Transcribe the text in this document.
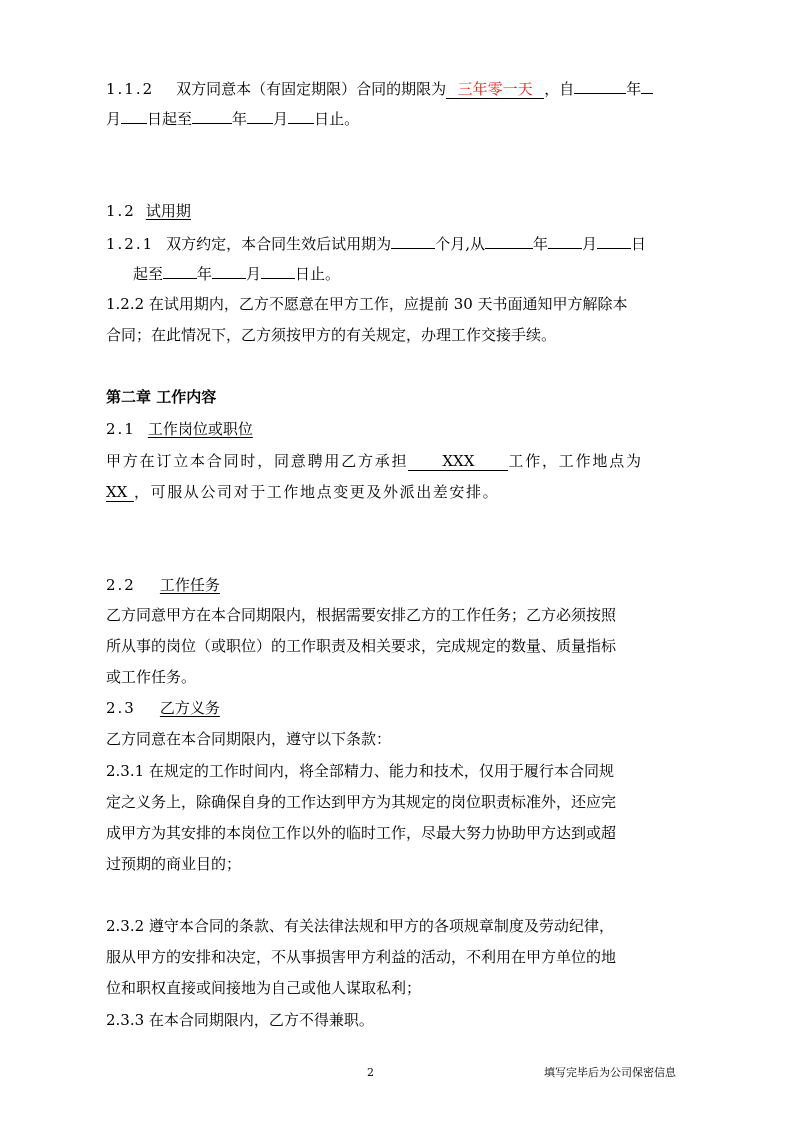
1.1.2 双方同意本（有固定期限）合同的期限为 三年零一天 ，自	年
月 日起至	年 月 日止。
1.2 试用期
1.2.1 双方约定，本合同生效后试用期为	个月,从	年 月 日
起至 年 月 日止。
1.2.2 在试用期内，乙方不愿意在甲方工作，应提前 30 天书面通知甲方解除本
合同；在此情况下，乙方须按甲方的有关规定，办理工作交接手续。
第二章 工作内容
2.1 工作岗位或职位
甲方在订立本合同时，同意聘用乙方承担 XXX 工作，工作地点为
XX ，可服从公司对于工作地点变更及外派出差安排。
2.2 工作任务
乙方同意甲方在本合同期限内，根据需要安排乙方的工作任务；乙方必须按照
所从事的岗位（或职位）的工作职责及相关要求，完成规定的数量、质量指标
或工作任务。
2.3 乙方义务
乙方同意在本合同期限内，遵守以下条款：
2.3.1 在规定的工作时间内，将全部精力、能力和技术，仅用于履行本合同规
定之义务上，除确保自身的工作达到甲方为其规定的岗位职责标准外，还应完
成甲方为其安排的本岗位工作以外的临时工作，尽最大努力协助甲方达到或超
过预期的商业目的；
2.3.2 遵守本合同的条款、有关法律法规和甲方的各项规章制度及劳动纪律，
服从甲方的安排和决定，不从事损害甲方利益的活动，不利用在甲方单位的地
位和职权直接或间接地为自己或他人谋取私利；
2.3.3 在本合同期限内，乙方不得兼职。
2	填写完毕后为公司保密信息
